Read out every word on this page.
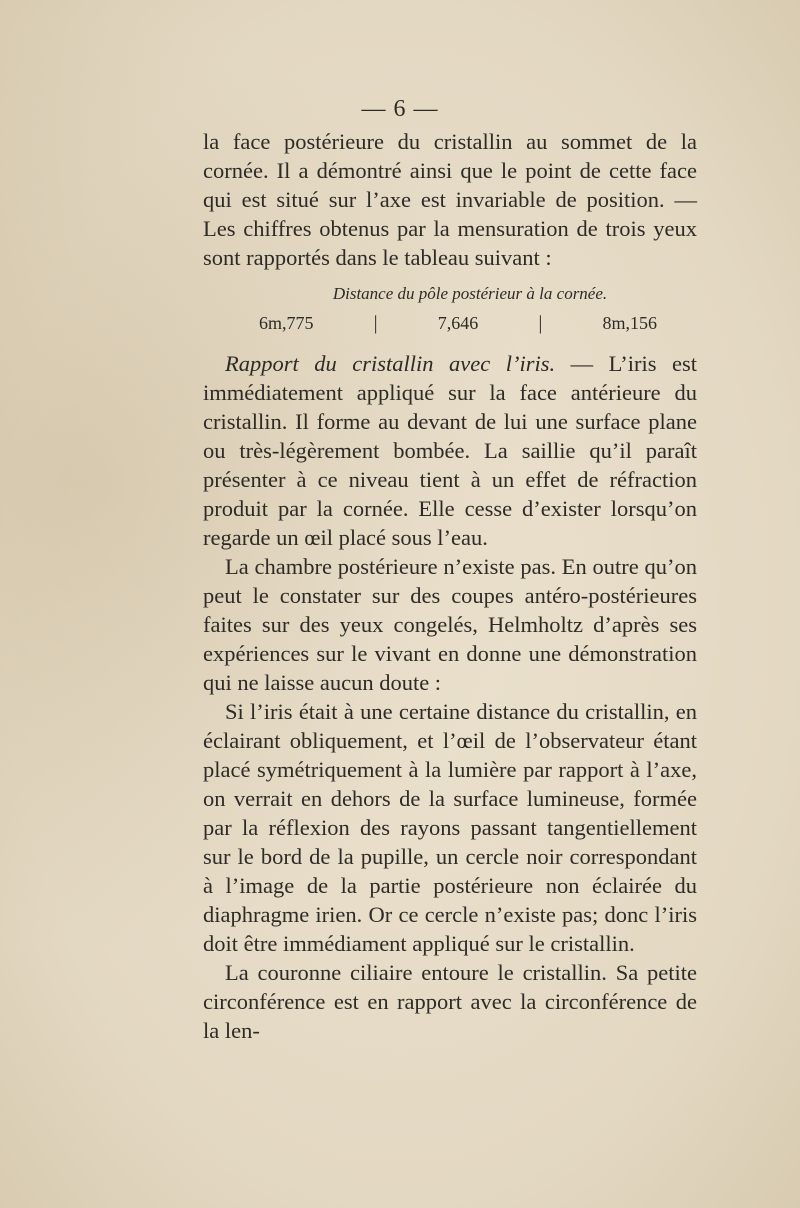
— 6 —

la face postérieure du cristallin au sommet de la cornée. Il a démontré ainsi que le point de cette face qui est situé sur l’axe est invariable de position. — Les chiffres obtenus par la mensuration de trois yeux sont rapportés dans le tableau suivant :

Distance du pôle postérieur à la cornée.
6m,775	|	7,646	|	8m,156

Rapport du cristallin avec l’iris. — L’iris est immédiatement appliqué sur la face antérieure du cristallin. Il forme au devant de lui une surface plane ou très-légèrement bombée. La saillie qu’il paraît présenter à ce niveau tient à un effet de réfraction produit par la cornée. Elle cesse d’exister lorsqu’on regarde un œil placé sous l’eau.

La chambre postérieure n’existe pas. En outre qu’on peut le constater sur des coupes antéro-postérieures faites sur des yeux congelés, Helmholtz d’après ses expériences sur le vivant en donne une démonstration qui ne laisse aucun doute :

Si l’iris était à une certaine distance du cristallin, en éclairant obliquement, et l’œil de l’observateur étant placé symétriquement à la lumière par rapport à l’axe, on verrait en dehors de la surface lumineuse, formée par la réflexion des rayons passant tangentiellement sur le bord de la pupille, un cercle noir correspondant à l’image de la partie postérieure non éclairée du diaphragme irien. Or ce cercle n’existe pas; donc l’iris doit être immédiament appliqué sur le cristallin.

La couronne ciliaire entoure le cristallin. Sa petite circonférence est en rapport avec la circonférence de la len-
